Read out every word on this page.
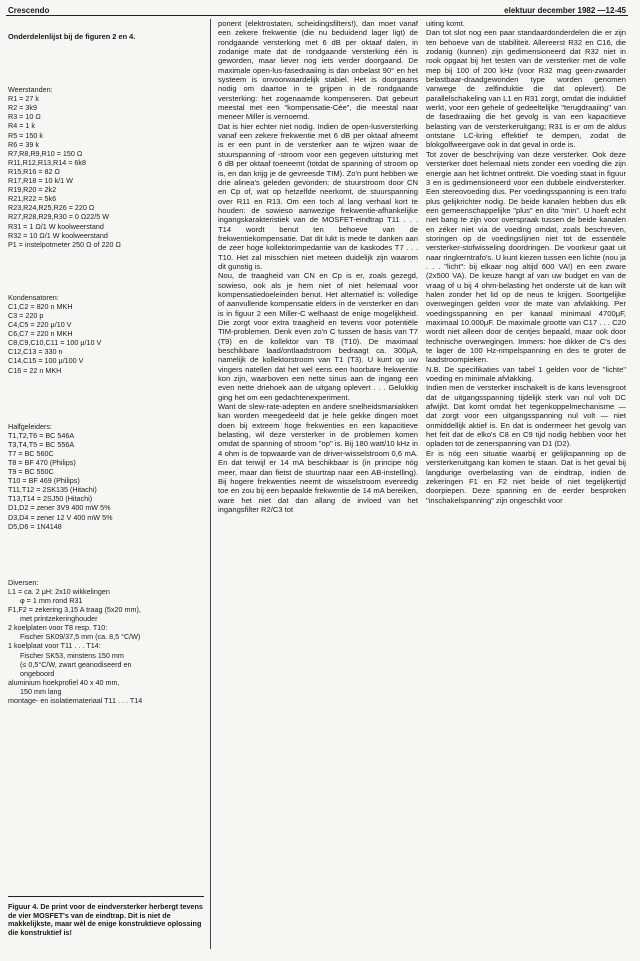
Crescendo	elektuur december 1982 —12-45
Onderdelenlijst bij de figuren 2 en 4.
Weerstanden:
R1 = 27 k
R2 = 3k9
R3 = 10 Ω
R4 = 1 k
R5 = 150 k
R6 = 39 k
R7,R8,R9,R10 = 150 Ω
R11,R12,R13,R14 = 6k8
R15,R16 = 82 Ω
R17,R18 = 10 k/1 W
R19,R20 = 2k2
R21,R22 = 5k6
R23,R24,R25,R26 = 220 Ω
R27,R28,R29,R30 = 0 Ω22/5 W
R31 = 1 Ω/1 W koolweerstand
R32 = 10 Ω/1 W koolweerstand
P1 = instelpotmeter 250 Ω of 220 Ω
Kondensatoren:
C1,C2 = 820 n MKH
C3 = 220 p
C4,C5 = 220 μ/10 V
C6,C7 = 220 n MKH
C8,C9,C10,C11 = 100 μ/10 V
C12,C13 = 330 n
C14,C15 = 100 μ/100 V
C16 = 22 n MKH
Halfgeleiders:
T1,T2,T6 = BC 546A
T3,T4,T5 = BC 556A
T7 = BC 560C
T8 = BF 470 (Philips)
T9 = BC 550C
T10 = BF 469 (Philips)
T11,T12 = 2SK135 (Hitachi)
T13,T14 = 2SJ50 (Hitachi)
D1,D2 = zener 3V9 400 mW 5%
D3,D4 = zener 12 V 400 mW 5%
D5,D6 = 1N4148
Diversen:
L1 = ca. 2 μH: 2x10 wikkelingen
φ = 1 mm rond R31
F1,F2 = zekering 3,15 A traag (5x20 mm),
met printzekeringhouder
2 koelplaten voor T8 resp. T10:
Fischer SK09/37,5 mm (ca. 8,5 °C/W)
1 koelplaat voor T11 . . . T14:
Fischer SK53, minstens 150 mm
(≤ 0,5°C/W, zwart geanodiseerd en
ongeboord
aluminium hoekprofiel 40 x 40 mm,
150 mm lang
montage- en isolatiemateriaal T11 . . . T14
Figuur 4. De print voor de eindversterker herbergt tevens de vier MOSFET's van de eindtrap. Dit is niet de makkelijkste, maar wèl de enige konstruktieve oplossing die konstruktief is!

ponent (elektrostaten, scheidingsfilters!), dan moet vanaf een zekere frekwentie (die nu beduidend lager ligt) de rondgaande versterking met 6 dB per oktaaf dalen, in zodanige mate dat de rondgaande versterking één is geworden, maar liever nog iets verder doorgaand. De maximale open-lus-fasedraaiing is dan onbelast 90° en het systeem is onvoorwaardelijk stabiel. Het is doorgaans nodig om daartoe in te grijpen in de rondgaande versterking: het zogenaamde kompenseren. Dat gebeurt meestal met een "kompensatie-Cée", die meestal naar meneer Miller is vernoemd.

Dat is hier echter niet nodig. Indien de open-lusversterking vanaf een zekere frekwentie met 6 dB per oktaaf afneemt is er een punt in de versterker aan te wijzen waar de stuurspanning of -stroom voor een gegeven uitsturing met 6 dB per oktaaf toeneemt (totdat de spanning of stroom op is, en dan krijg je de gevreesde TIM). Zo'n punt hebben we drie alinea's geleden gevonden: de stuurstroom door CN en Cp of, wat op hetzelfde neerkomt, de stuurspanning over R11 en R13. Om een toch al lang verhaal kort te houden: de sowieso aanwezige frekwentie-afhankelijke ingangskarakteristiek van de MOSFET-eindtrap T11 . . . T14 wordt benut ten behoeve van de frekwentiekompensatie. Dat dit lukt is mede te danken aan de zeer hoge kollektorimpedantie van de kaskodes T7 . . . T10. Het zal misschien niet meteen duidelijk zijn waarom dit gunstig is.

Nou, de traagheid van CN en Cp is er, zoals gezegd, sowieso, ook als je hem niet of niet helemaal voor kompensatiedoeleinden benut. Het alternatief is: volledige of aanvullende kompensatie elders in de versterker en dan is in figuur 2 een Miller-C welhaast de enige mogelijkheid. Die zorgt voor extra traagheid en tevens voor potentiële TIM-problemen. Denk even zo'n C tussen de basis van T7 (T9) en de kollektor van T8 (T10). De maximaal beschikbare laad/ontlaadstroom bedraagt ca. 300μA, namelijk de kollektorstroom van T1 (T3). U kunt op uw vingers natellen dat het wel eens een hoorbare frekwentie kon zijn, waarboven een nette sinus aan de ingang een even nette driehoek aan de uitgang oplevert . . . Gelukkig ging het om een gedachtenexperiment.

Want de slew-rate-adepten en andere snelheidsmaniakken kan worden meegedeeld dat je hele gekke dingen moet doen bij extreem hoge frekwenties en een kapacitieve belasting, wil deze versterker in de problemen komen omdat de spanning of stroom "op" is. Bij 180 watt/10 kHz in 4 ohm is de topwaarde van de driver-wisselstroom 0,6 mA. En dat terwijl er 14 mA beschikbaar is (in principe nóg meer, maar dan fietst de stuurtrap naar een AB-instelling). Bij hogere frekwenties neemt de wisselstroom evenredig toe en zou bij een bepaalde frekwentie de 14 mA bereiken, ware het niet dat dan allang de invloed van het ingangsfilter R2/C3 tot

uiting komt.

Dan tot slot nog een paar standaardonderdelen die er zijn ten behoeve van de stabiliteit. Allereerst R32 en C16, die zodanig (kunnen) zijn gedimensioneerd dat R32 niet in rook opgaat bij het testen van de versterker met de volle mep bij 100 of 200 kHz (voor R32 mag geen-zwaarder belastbaar-draadgewonden type worden genomen vanwege de zelfinduktie die dat oplevert). De parallelschakeling van L1 en R31 zorgt, omdat die induktief werkt, voor een gehele of gedeeltelijke "terugdraaiing" van de fasedraaiing die het gevolg is van een kapacitieve belasting van de versterkeruitgang; R31 is er om de aldus ontstane LC-kring effektief te dempen, zodat de blokgolfweergave ook in dat geval in orde is.

Tot zover de beschrijving van deze versterker. Ook deze versterker doet helemaal niets zonder een voeding die zijn energie aan het lichtnet onttrekt. Die voeding staat in figuur 3 en is gedimensioneerd voor een dubbele eindversterker. Een stereovoeding dus. Per voedingsspanning is een trafo plus gelijkrichter nodig. De beide kanalen hebben dus elk een gemeenschappelijke "plus" en dito "min". U hoeft echt niet bang te zijn voor overspraak tussen de beide kanalen en zéker niet via de voeding omdat, zoals beschreven, storingen op de voedingslijnen niet tot de essentiële versterker-stofwisseling doordringen. De voorkeur gaat uit naar ringkerntrafo's. U kunt kiezen tussen een lichte (nou ja . . . "licht": bij elkaar nog altijd 600 VA!) en een zware (2x500 VA). De keuze hangt af van uw budget en van de vraag of u bij 4 ohm-belasting het onderste uit de kan wilt halen zonder het lid op de neus te krijgen. Soortgelijke overwegingen gelden voor de mate van afvlakking. Per voedingsspanning en per kanaal minimaal 4700μF, maximaal 10.000μF. De maximale grootte van C17 . . . C20 wordt niet alleen door de centjes bepaald, maar ook door technische overwegingen. Immers: hoe dikker de C's des te lager de 100 Hz-rimpelspanning en des te groter de laadstroompieken.

N.B. De specifikaties van tabel 1 gelden voor de "lichte" voeding en minimale afvlakking.

Indien men de versterker inschakelt is de kans levensgroot dat de uitgangsspanning tijdelijk sterk van nul volt DC afwijkt. Dat komt omdat het tegenkoppelmechanisme — dat zorgt voor een uitgangsspanning nul volt — niet onmiddellijk aktief is. En dat is ondermeer het gevolg van het feit dat de elko's C8 en C9 tijd nodig hebben voor het opladen tot de zenerspanning van D1 (D2).

Er is nóg een situatie waarbij er gelijkspanning op de versterkeruitgang kan komen te staan. Dat is het geval bij langdurige overbelasting van de eindtrap, indien de zekeringen F1 en F2 niet beide of niet tegelijkertijd doorpiepen. Deze spanning en de eerder besproken "inschakelspanning" zijn ongeschikt voor
